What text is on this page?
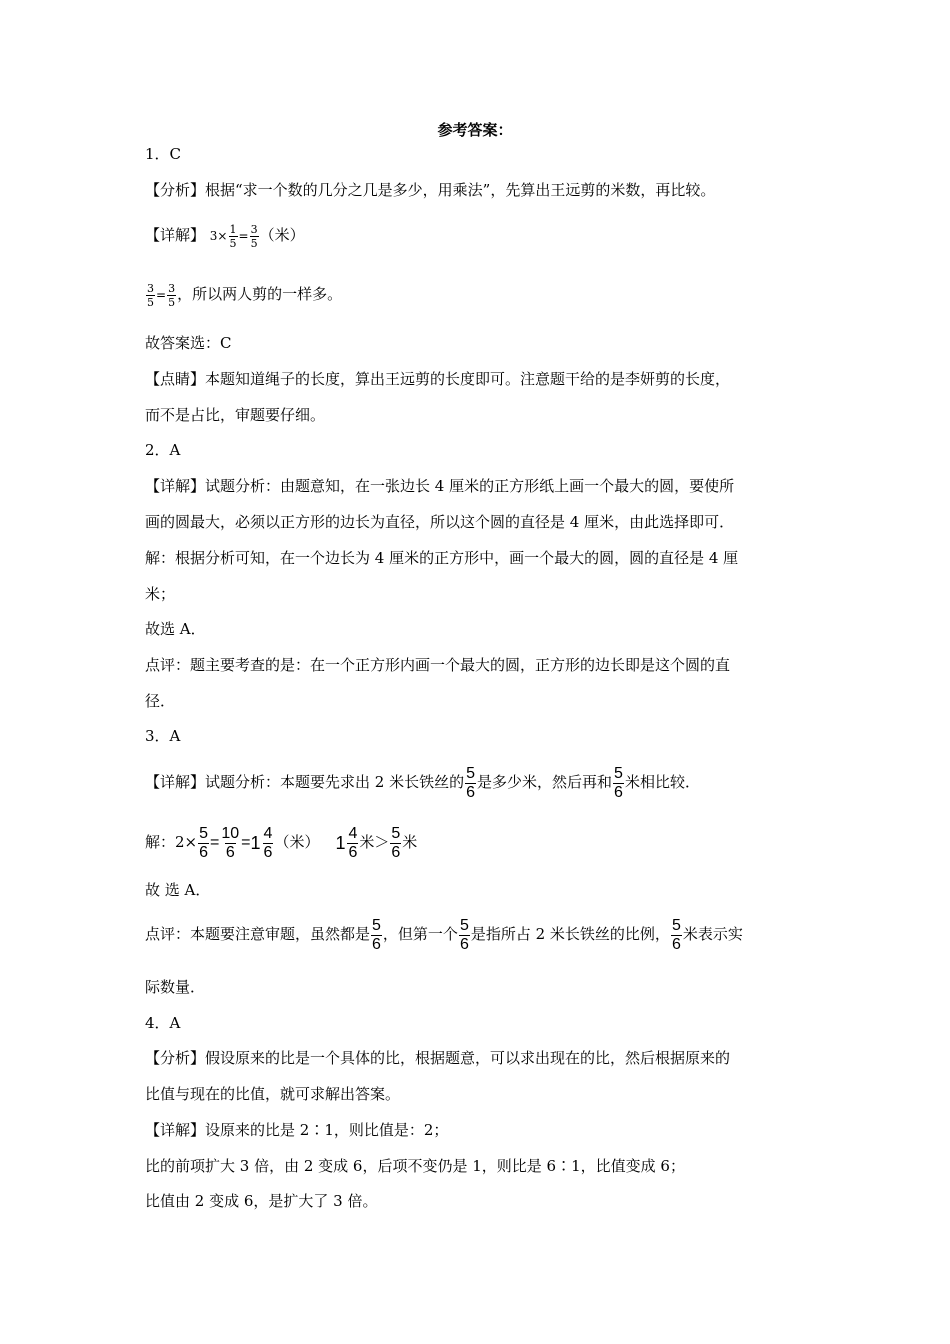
参考答案：
1．C
【分析】根据“求一个数的几分之几是多少，用乘法”，先算出王远剪的米数，再比较。
【详解】 $3\times \frac{1}{5} = \frac{3}{5}$ （米）
$\frac{3}{5} = \frac{3}{5}$ ，所以两人剪的一样多。
故答案选：C
【点睛】本题知道绳子的长度，算出王远剪的长度即可。注意题干给的是李妍剪的长度，
而不是占比，审题要仔细。
2．A
【详解】试题分析：由题意知，在一张边长 4 厘米的正方形纸上画一个最大的圆，要使所
画的圆最大，必须以正方形的边长为直径，所以这个圆的直径是 4 厘米，由此选择即可．
解：根据分析可知，在一个边长为 4 厘米的正方形中，画一个最大的圆，圆的直径是 4 厘
米；
故选 A．
点评：题主要考查的是：在一个正方形内画一个最大的圆，正方形的边长即是这个圆的直
径．
3．A
【详解】试题分析：本题要先求出 2 米长铁丝的 $\frac{5}{6}$ 是多少米，然后再和 $\frac{5}{6}$ 米相比较．
解：$2\times \frac{5}{6} = \frac{10}{6} = 1$ 4
6
（米） 1 4
6
米＞ $\frac{5}{6}$ 米
故 选 A．
点评：本题要注意审题，虽然都是 $\frac{5}{6}$ ，但第一个 $\frac{5}{6}$ 是指所占 2 米长铁丝的比例， $\frac{5}{6}$ 米表示实
际数量．
4．A
【分析】假设原来的比是一个具体的比，根据题意，可以求出现在的比，然后根据原来的
比值与现在的比值，就可求解出答案。
【详解】设原来的比是 2∶1，则比值是：2；
比的前项扩大 3 倍，由 2 变成 6，后项不变仍是 1，则比是 6∶1，比值变成 6；
比值由 2 变成 6，是扩大了 3 倍。
